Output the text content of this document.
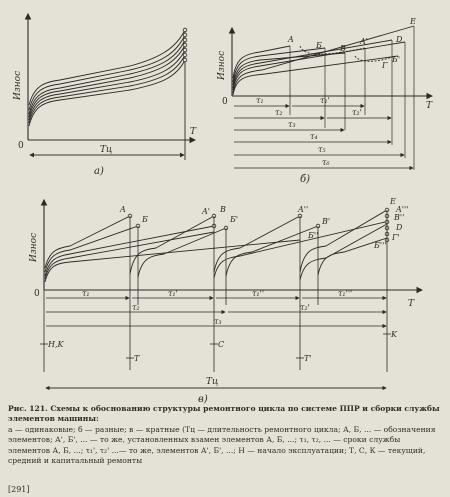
Износ
0
T
Tц
а)
Износ
0	T
A
Б B
A'	D
E
Б'
Г
τ₁	τ₁'
τ₂	τ₂'
τ₃
τ₄
τ₅
τ₆
б)
Износ
0
T
A
Б
A' B
Б'
A''
B'
Б''
E
A'''
B''
D
Б'''
Г'
τ₁	τ₁'	τ₁''	τ₁'''
τ₂	τ₂'
τ₃
H,K
T
C
T'
K
Tц
в)
Рис. 121. Схемы к обоснованию структуры ремонтного цикла по системе ППР и сборки службы элементов машины:
а — одинаковые; б — разные; в — кратные (Tц — длительность ремонтного цикла; А, Б, ... — обозначения элементов; А', Б', ... — то же, установленных взамен элементов А, Б, ...; τ₁, τ₂, ... — сроки службы элементов А, Б, ...; τ₁', τ₂' ...— то же, элементов А', Б', ...; Н — начало эксплуатации; Т, С, К — текущий, средний и капитальный ремонты
[291]
